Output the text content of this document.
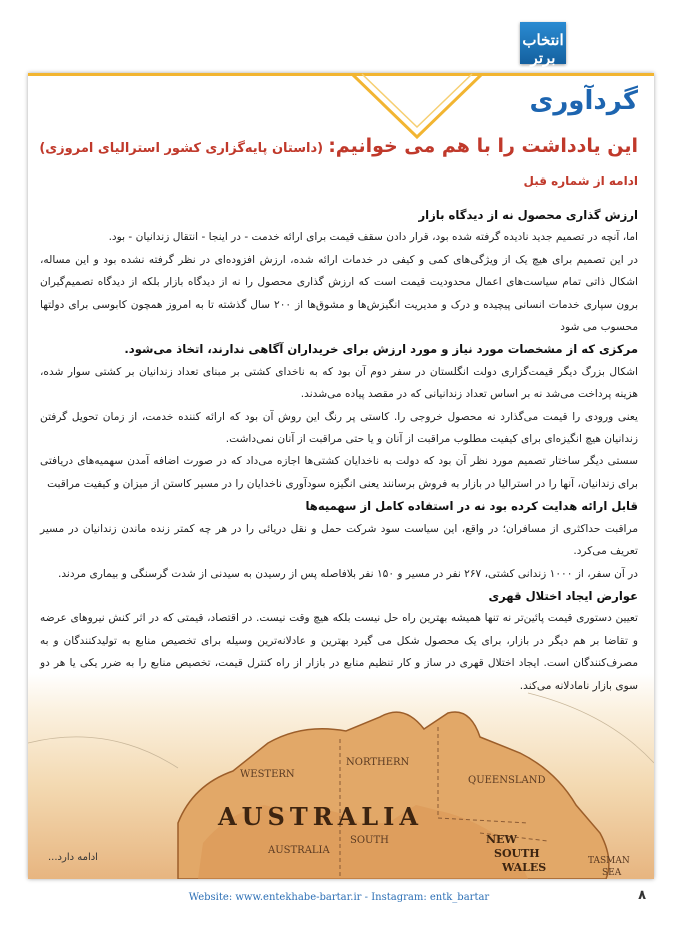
WESTERN
NORTHERN
QUEENSLAND
AUSTRALIA
SOUTH
AUSTRALIA
NEW
SOUTH
WALES	TASMAN
SEA
انتخاب برتر
گردآوری
این یادداشت را با هم می خوانیم: (داستان پایه‌گزاری کشور استرالیای امروزی)
ادامه از شماره قبل
ارزش گذاری محصول نه از دیدگاه بازار

اما، آنچه در تصمیم جدید نادیده گرفته شده بود، قرار دادن سقف قیمت برای ارائه خدمت - در اینجا - انتقال زندانیان - بود.

در این تصمیم برای هیچ یک از ویژگی‌های کمی و کیفی در خدمات ارائه شده، ارزش افزوده‌ای در نظر گرفته نشده بود و این مساله، اشکال ذاتی تمام سیاست‌های اعمال محدودیت قیمت است که ارزش گذاری محصول را نه از دیدگاه بازار بلکه از دیدگاه تصمیم‌گیران برون سپاری خدمات انسانی پیچیده و درک و مدیریت انگیزش‌ها و مشوق‌ها از ۲۰۰ سال گذشته تا به امروز همچون کابوسی برای دولتها محسوب می شود

مرکزی که از مشخصات مورد نیاز و مورد ارزش برای خریداران آگاهی ندارند، اتخاذ می‌شود.

اشکال بزرگ دیگر قیمت‌گزاری دولت انگلستان در سفر دوم آن بود که به ناخدای کشتی بر مبنای تعداد زندانیان بر کشتی سوار شده، هزینه پرداخت می‌شد نه بر اساس تعداد زندانیانی که در مقصد پیاده می‌شدند.

یعنی ورودی را قیمت می‌گذارد نه محصول خروجی را. کاستی پر رنگ این روش آن بود که ارائه کننده خدمت، از زمان تحویل گرفتن زندانیان هیچ انگیزه‌ای برای کیفیت مطلوب مراقبت از آنان و یا حتی مراقبت از آنان نمی‌داشت.

سستی دیگر ساختار تصمیم مورد نظر آن بود که دولت به ناخدایان کشتی‌ها اجازه می‌داد که در صورت اضافه آمدن سهمیه‌های دریافتی برای زندانیان، آنها را در استرالیا در بازار به فروش برسانند یعنی انگیزه سودآوری ناخدایان را در مسیر کاستن از میزان و کیفیت مراقبت

قابل ارائه هدایت کرده بود نه در استفاده کامل از سهمیه‌ها

مراقبت حداکثری از مسافران؛ در واقع، این سیاست سود شرکت حمل و نقل دریائی را در هر چه کمتر زنده ماندن زندانیان در مسیر تعریف می‌کرد.

در آن سفر، از ۱۰۰۰ زندانی کشتی، ۲۶۷ نفر در مسیر و ۱۵۰ نفر بلافاصله پس از رسیدن به سیدنی از شدت گرسنگی و بیماری مردند.

عوارض ایجاد اختلال قهری

تعیین دستوری قیمت پائین‌تر نه تنها همیشه بهترین راه حل نیست بلکه هیچ وقت نیست. در اقتصاد، قیمتی که در اثر کنش نیروهای عرضه و تقاضا بر هم دیگر در بازار، برای یک محصول شکل می گیرد بهترین و عادلانه‌ترین وسیله برای تخصیص منابع به تولیدکنندگان و به مصرف‌کنندگان است. ایجاد اختلال قهری در ساز و کار تنظیم منابع در بازار از راه کنترل قیمت، تخصیص منابع را به ضرر یکی یا هر دو سوی بازار نامادلانه می‌کند.

ادامه دارد...
Website: www.entekhabe-bartar.ir - Instagram: entk_bartar	۸
